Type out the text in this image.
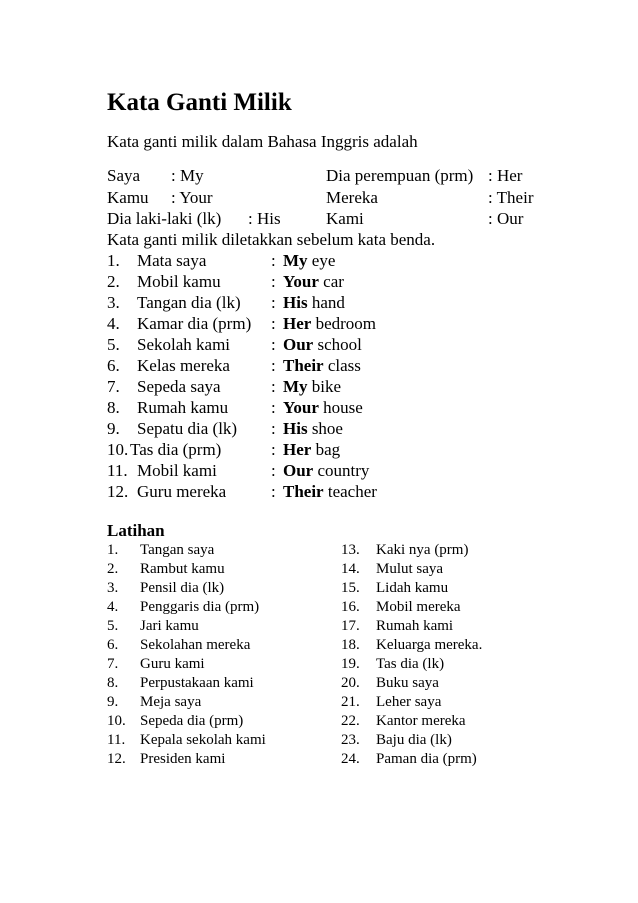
Kata Ganti Milik
Kata ganti milik dalam Bahasa Inggris adalah
Saya : My	Dia perempuan (prm) : Her
Kamu : Your	Mereka	: Their
Dia laki-laki (lk) : His	Kami	: Our
Kata ganti milik diletakkan sebelum kata benda.
1. Mata saya	: My eye
2. Mobil kamu	: Your car
3. Tangan dia (lk) : His hand
4. Kamar dia (prm) : Her bedroom
5. Sekolah kami : Our school
6. Kelas mereka : Their class
7. Sepeda saya	: My bike
8. Rumah kamu	: Your house
9. Sepatu dia (lk) : His shoe
10. Tas dia (prm)	: Her bag
11. Mobil kami	: Our country
12. Guru mereka	: Their teacher
Latihan
1. Tangan saya	13. Kaki nya (prm)
2. Rambut kamu	14. Mulut saya
3. Pensil dia (lk)	15. Lidah kamu
4. Penggaris dia (prm)	16. Mobil mereka
5. Jari kamu	17. Rumah kami
6. Sekolahan mereka	18. Keluarga mereka.
7. Guru kami	19. Tas dia (lk)
8. Perpustakaan kami	20. Buku saya
9. Meja saya	21. Leher saya
10. Sepeda dia (prm)	22. Kantor mereka
11. Kepala sekolah kami	23. Baju dia (lk)
12. Presiden kami	24. Paman dia (prm)
